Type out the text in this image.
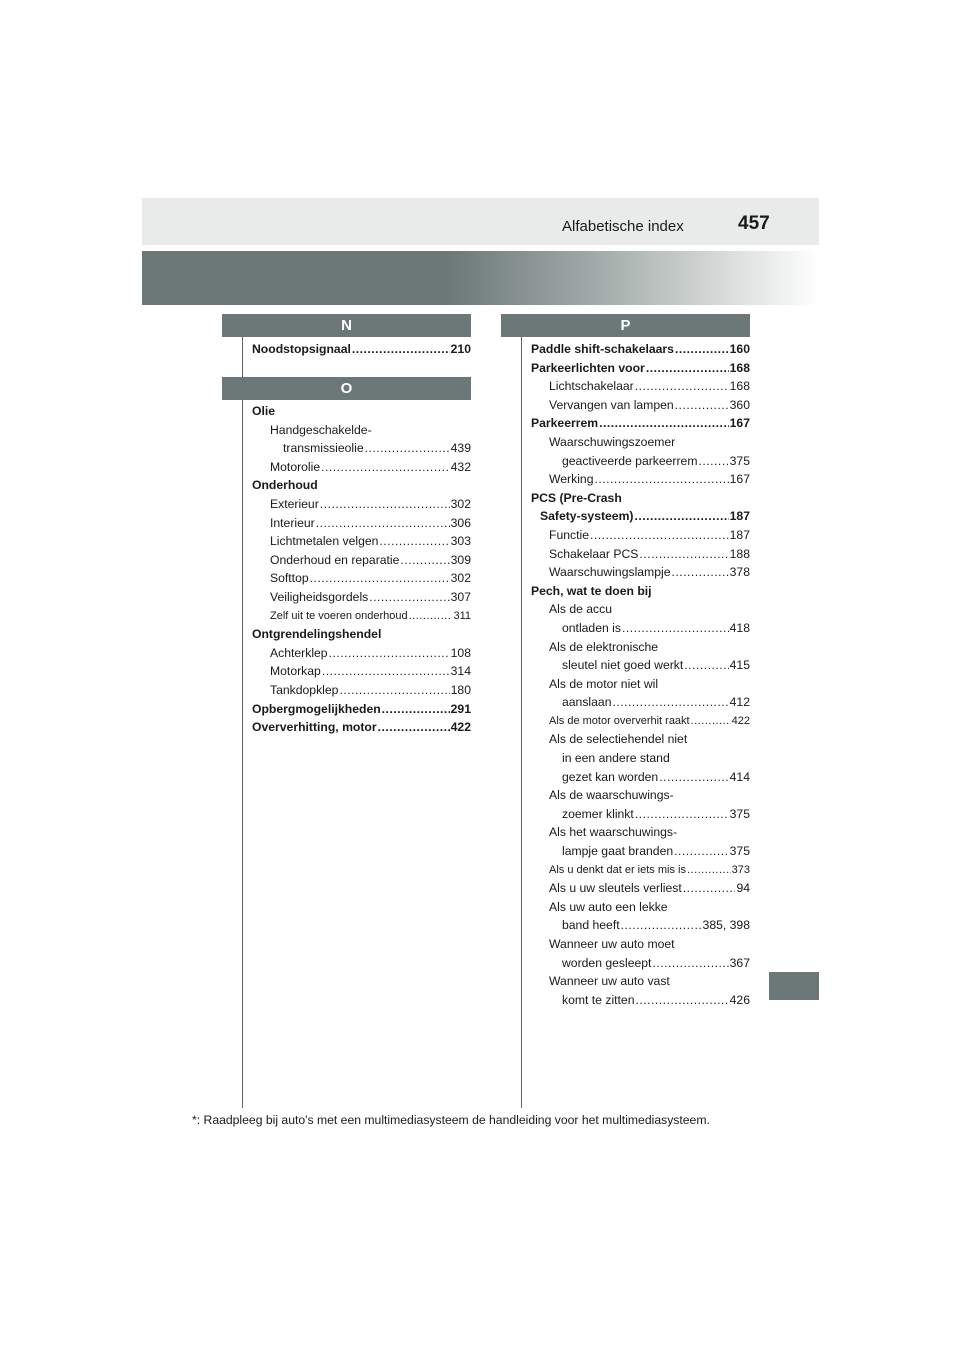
Alfabetische index	457
N
Noodstopsignaal .....	210
O
Olie
Handgeschakelde-
transmissieolie .....	439
Motorolie .....	432
Onderhoud
Exterieur .....	302
Interieur .....	306
Lichtmetalen velgen .....	303
Onderhoud en reparatie .....	309
Softtop .....	302
Veiligheidsgordels .....	307
Zelf uit te voeren onderhoud .....	311
Ontgrendelingshendel
Achterklep .....	108
Motorkap .....	314
Tankdopklep .....	180
Opbergmogelijkheden .....	291
Oververhitting, motor .....	422
P
Paddle shift-schakelaars .....	160
Parkeerlichten voor .....	168
Lichtschakelaar .....	168
Vervangen van lampen .....	360
Parkeerrem .....	167
Waarschuwingszoemer
geactiveerde parkeerrem .....	375
Werking .....	167
PCS (Pre-Crash
Safety-systeem) .....	187
Functie .....	187
Schakelaar PCS .....	188
Waarschuwingslampje .....	378
Pech, wat te doen bij
Als de accu
ontladen is .....	418
Als de elektronische
sleutel niet goed werkt .....	415
Als de motor niet wil
aanslaan .....	412
Als de motor oververhit raakt .....	422
Als de selectiehendel niet
in een andere stand
gezet kan worden .....	414
Als de waarschuwings-
zoemer klinkt .....	375
Als het waarschuwings-
lampje gaat branden .....	375
Als u denkt dat er iets mis is .....	373
Als u uw sleutels verliest .....	94
Als uw auto een lekke
band heeft .....	385, 398
Wanneer uw auto moet
worden gesleept .....	367
Wanneer uw auto vast
komt te zitten .....	426
*: Raadpleeg bij auto's met een multimediasysteem de handleiding voor het multimediasysteem.
